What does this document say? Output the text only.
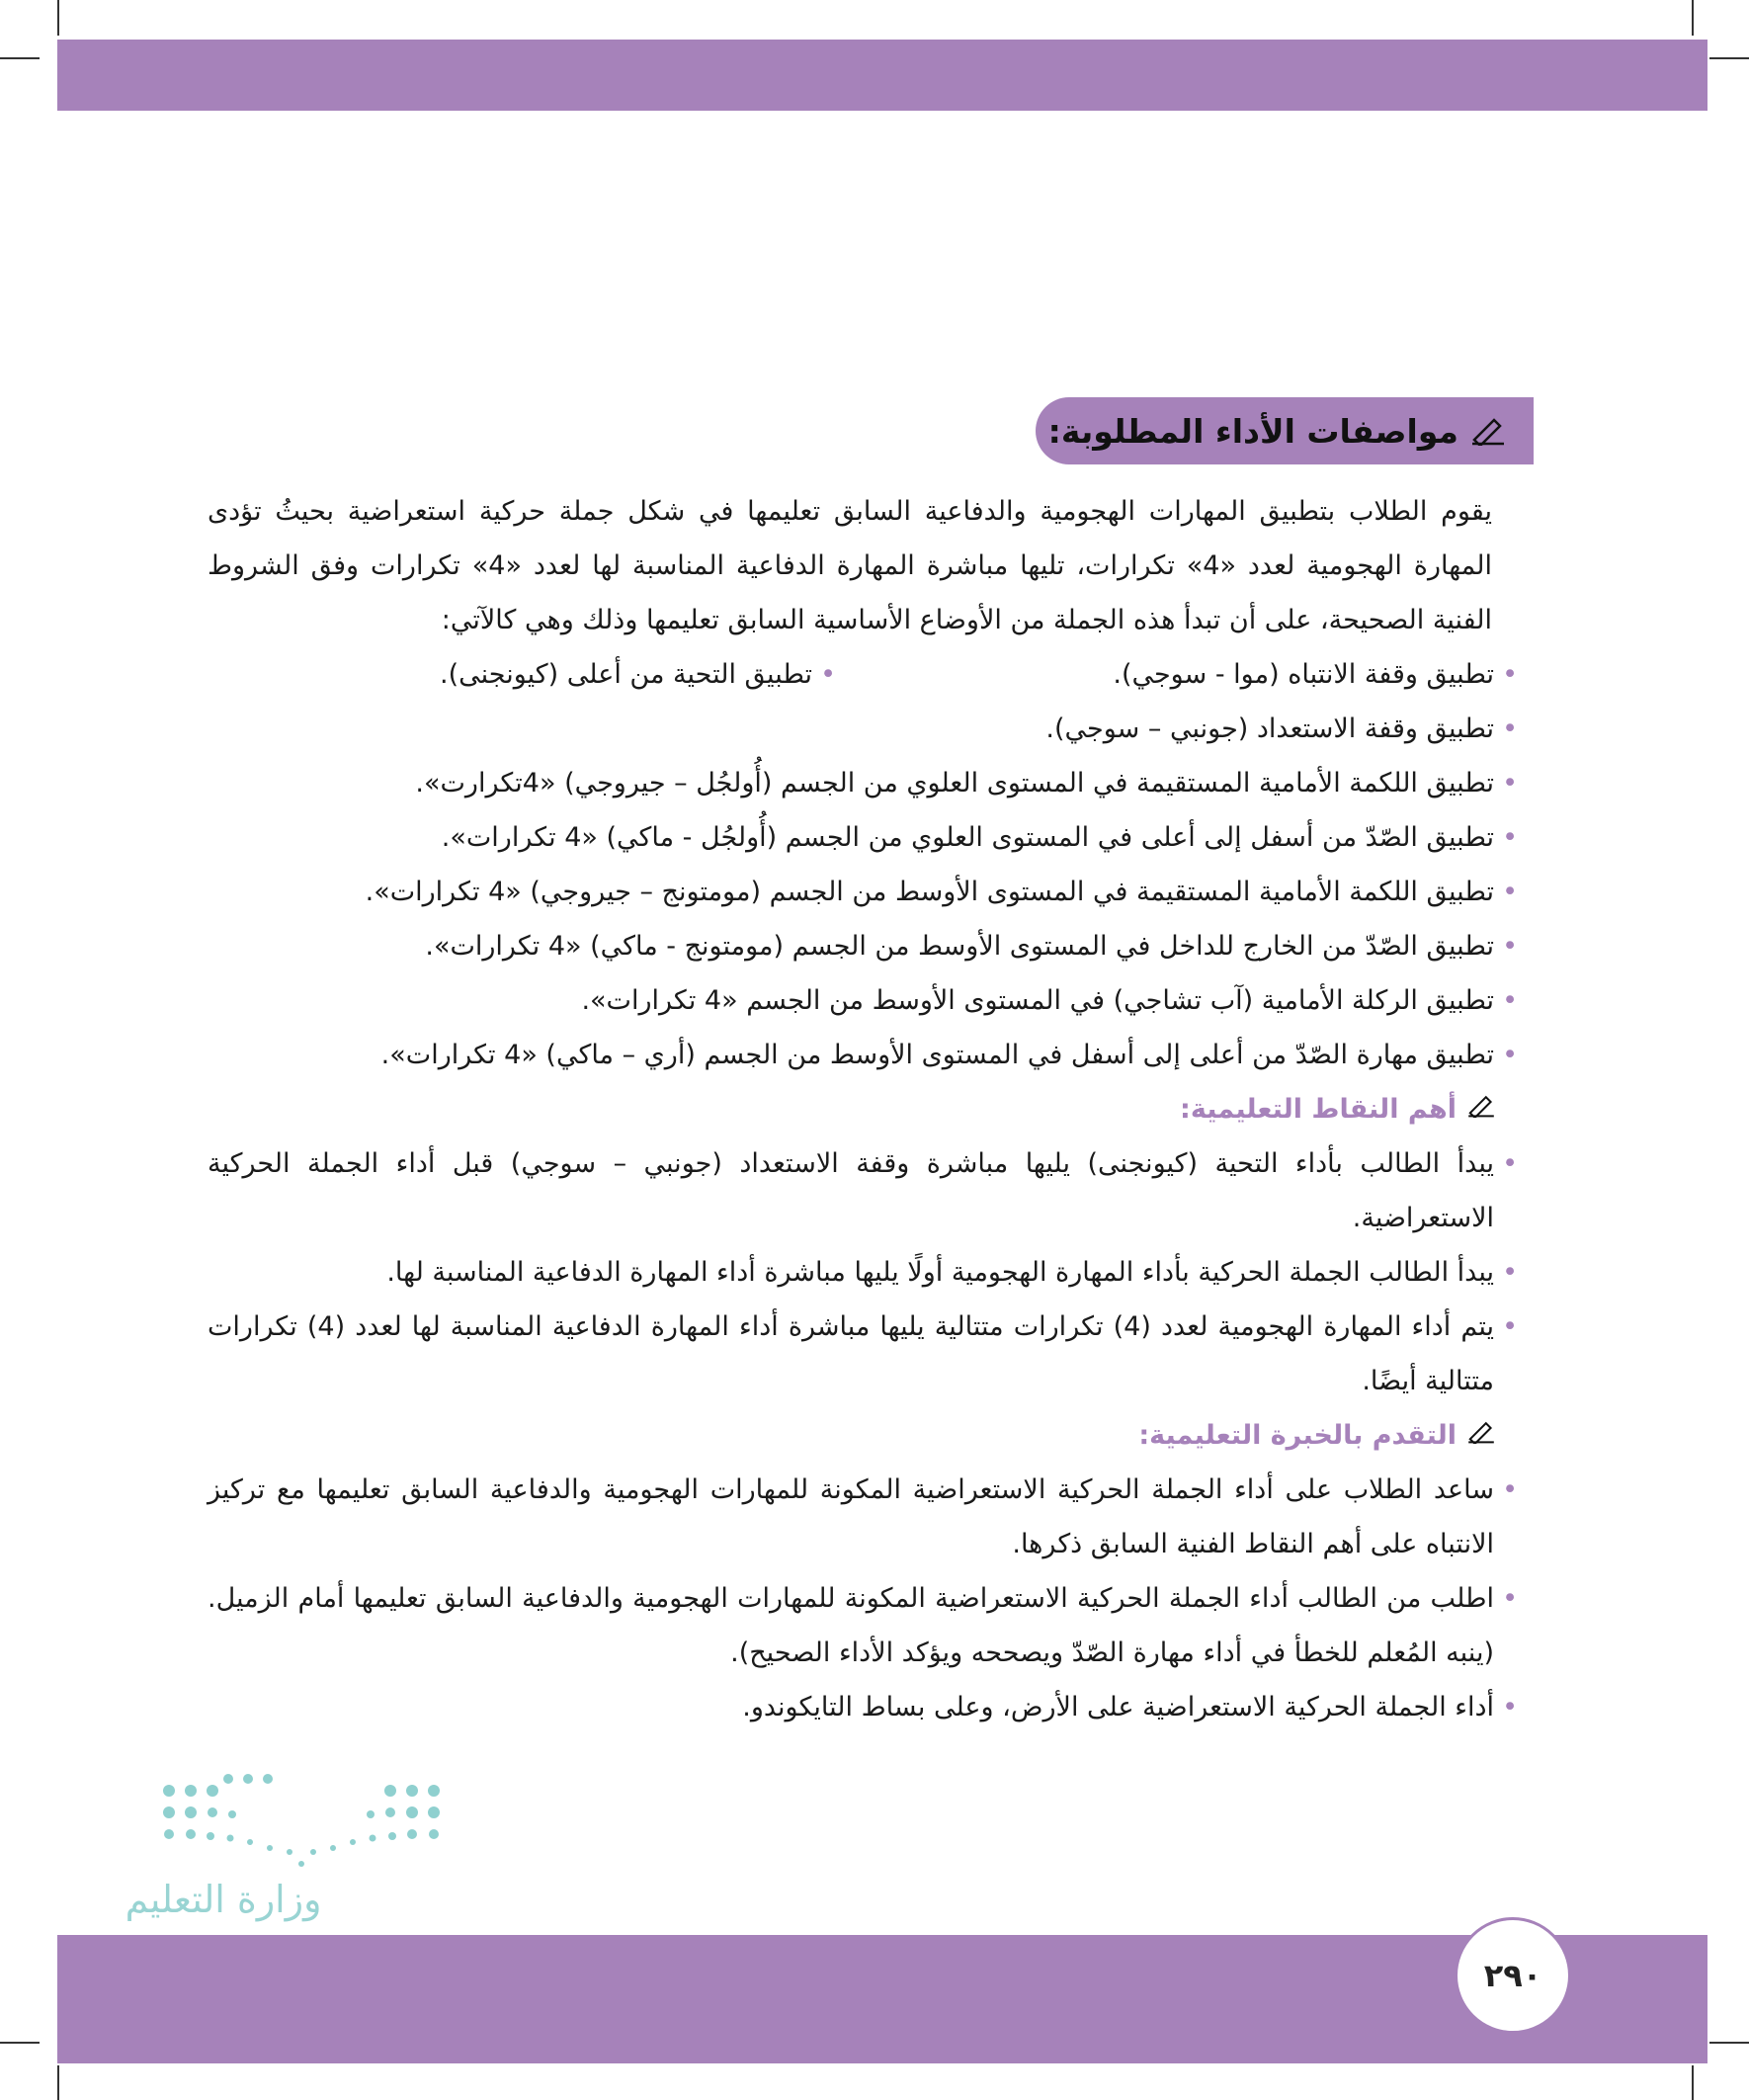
مواصفات الأداء المطلوبة:

يقوم الطلاب بتطبيق المهارات الهجومية والدفاعية السابق تعليمها في شكل جملة حركية استعراضية بحيثُ تؤدى المهارة الهجومية لعدد «4» تكرارات، تليها مباشرة المهارة الدفاعية المناسبة لها لعدد «4» تكرارات وفق الشروط الفنية الصحيحة، على أن تبدأ هذه الجملة من الأوضاع الأساسية السابق تعليمها وذلك وهي كالآتي:

• تطبيق وقفة الانتباه (موا - سوجي).
• تطبيق التحية من أعلى (كيونجنى).
• تطبيق وقفة الاستعداد (جونبي – سوجي).
• تطبيق اللكمة الأمامية المستقيمة في المستوى العلوي من الجسم (أُولجُل – جيروجي) «4تكرارت».
• تطبيق الصّدّ من أسفل إلى أعلى في المستوى العلوي من الجسم (أُولجُل - ماكي) «4 تكرارات».
• تطبيق اللكمة الأمامية المستقيمة في المستوى الأوسط من الجسم (مومتونج – جيروجي) «4 تكرارات».
• تطبيق الصّدّ من الخارج للداخل في المستوى الأوسط من الجسم (مومتونج - ماكي) «4 تكرارات».
• تطبيق الركلة الأمامية (آب تشاجي) في المستوى الأوسط من الجسم «4 تكرارات».
• تطبيق مهارة الصّدّ من أعلى إلى أسفل في المستوى الأوسط من الجسم (أري – ماكي) «4 تكرارات».
أهم النقاط التعليمية:
• يبدأ الطالب بأداء التحية (كيونجنى) يليها مباشرة وقفة الاستعداد (جونبي – سوجي) قبل أداء الجملة الحركية الاستعراضية.
• يبدأ الطالب الجملة الحركية بأداء المهارة الهجومية أولًا يليها مباشرة أداء المهارة الدفاعية المناسبة لها.
• يتم أداء المهارة الهجومية لعدد (4) تكرارات متتالية يليها مباشرة أداء المهارة الدفاعية المناسبة لها لعدد (4) تكرارات متتالية أيضًا.
التقدم بالخبرة التعليمية:
• ساعد الطلاب على أداء الجملة الحركية الاستعراضية المكونة للمهارات الهجومية والدفاعية السابق تعليمها مع تركيز الانتباه على أهم النقاط الفنية السابق ذكرها.
• اطلب من الطالب أداء الجملة الحركية الاستعراضية المكونة للمهارات الهجومية والدفاعية السابق تعليمها أمام الزميل. (ينبه المُعلم للخطأ في أداء مهارة الصّدّ ويصححه ويؤكد الأداء الصحيح).
• أداء الجملة الحركية الاستعراضية على الأرض، وعلى بساط التايكوندو.
وزارة التعليم
٢٩٠
